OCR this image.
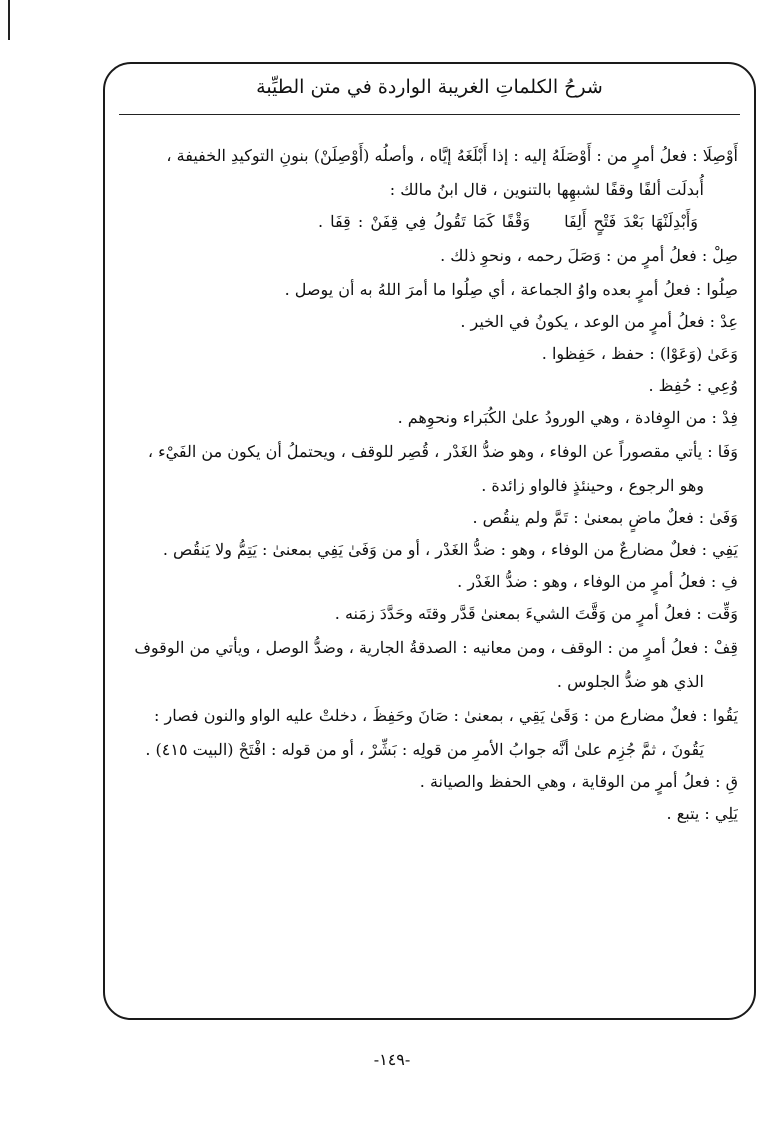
شرحُ الكلماتِ الغريبة الواردة في متن الطيِّبة
أَوْصِلَا : فعلُ أمرٍ من : أَوْصَلَهُ إليه : إذا أَبْلَغَهُ إيَّاه ، وأصلُه (أَوْصِلَنْ) بنونِ التوكيدِ الخفيفة ،
أُبدلَت ألفًا وقفًا لشبهِها بالتنوين ، قال ابنُ مالك :
وَأَبْدِلَنْهَا بَعْدَ فَتْحٍ أَلِفَاوَقْفًا كَمَا تَقُولُ فِي قِفَنْ : قِفَا .
صِلْ : فعلُ أمرٍ من : وَصَلَ رحمه ، ونحوِ ذلك .
صِلُوا : فعلُ أمرٍ بعده واوُ الجماعة ، أي صِلُوا ما أمرَ اللهُ به أن يوصل .
عِدْ : فعلُ أمرٍ من الوعد ، يكونُ في الخير .
وَعَىٰ (وَعَوْا) : حفظ ، حَفِظوا .
وُعِي : حُفِظ .
فِدْ : من الوِفادة ، وهي الورودُ علىٰ الكُبَراء ونحوِهم .
وَفَا : يأتي مقصوراً عن الوفاء ، وهو ضدُّ الغَدْر ، قُصِر للوقف ، ويحتملُ أن يكون من الفَيْء ،
وهو الرجوع ، وحينئذٍ فالواو زائدة .
وَفَىٰ : فعلٌ ماضٍ بمعنىٰ : تَمَّ ولم ينقُص .
يَفِي : فعلٌ مضارعٌ من الوفاء ، وهو : ضدُّ الغَدْر ، أو من وَفَىٰ يَفِي بمعنىٰ : يَتِمُّ ولا يَنقُص .
فِ : فعلُ أمرٍ من الوفاء ، وهو : ضدُّ الغَدْر .
وَقِّت : فعلُ أمرٍ من وَقَّتَ الشيءَ بمعنىٰ قَدَّر وقتَه وحَدَّدَ زمَنه .
قِفْ : فعلُ أمرٍ من : الوقف ، ومن معانيه : الصدقةُ الجارية ، وضدُّ الوصل ، ويأتي من الوقوف
الذي هو ضدُّ الجلوس .
يَقُوا : فعلٌ مضارع من : وَقَىٰ يَقِي ، بمعنىٰ : صَانَ وحَفِظَ ، دخلتْ عليه الواو والنون فصار :
يَقُونَ ، ثمَّ جُزِم علىٰ أنَّه جوابُ الأمرِ من قولِه : بَشِّرْ ، أو من قوله : افْتَحْ (البيت ٤١٥) .
قِ : فعلُ أمرٍ من الوقاية ، وهي الحفظ والصيانة .
يَلِي : يتبع .
-١٤٩-
